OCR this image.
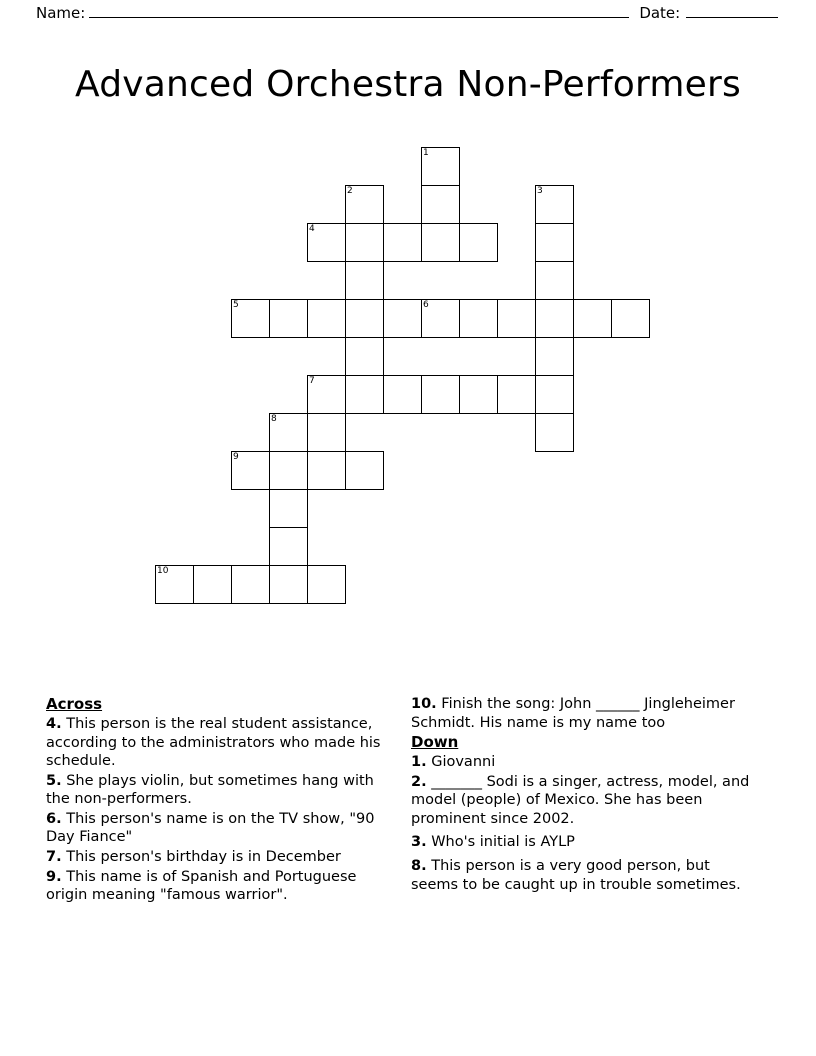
Name:	Date:
Advanced Orchestra Non-Performers
1
2	3
4
5	6
7
8
9
10
Across

4. This person is the real student assistance, according to the administrators who made his schedule.

5. She plays violin, but sometimes hang with the non-performers.

6. This person's name is on the TV show, "90 Day Fiance"

7. This person's birthday is in December

9. This name is of Spanish and Portuguese origin meaning "famous warrior".

10. Finish the song: John ______ Jingleheimer Schmidt. His name is my name too

Down

1. Giovanni

2. _______ Sodi is a singer, actress, model, and model (people) of Mexico. She has been prominent since 2002.

3. Who's initial is AYLP

8. This person is a very good person, but seems to be caught up in trouble sometimes.
